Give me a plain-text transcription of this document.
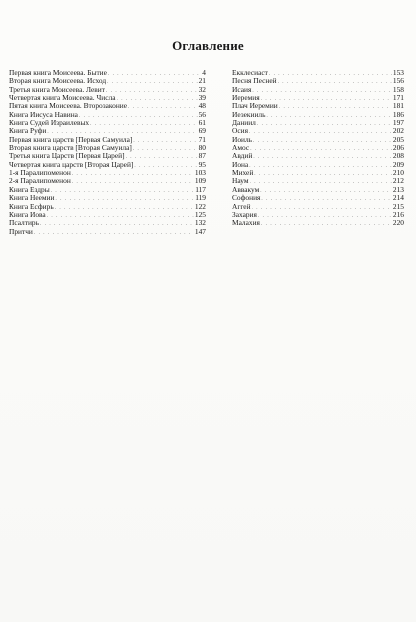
Оглавление
Первая книга Моисеева. Бытие . . .	4
Вторая книга Моисеева. Исход . . .	21
Третья книга Моисеева. Левит . . .	32
Четвертая книга Моисеева. Числа . . .	39
Пятая книга Моисеева. Второзаконие . . .	48
Книга Иисуса Навина . . .	56
Книга Судей Израилевых . . .	61
Книга Руфи . . .	69
Первая книга царств [Первая Самуила] . . .	71
Вторая книга царств [Вторая Самуила] . . .	80
Третья книга Царств [Первая Царей] . . .	87
Четвертая книга царств [Вторая Царей] . . .	95
1-я Паралипоменон . . .	103
2-я Паралипоменон . . .	109
Книга Ездры . . .	117
Книга Неемии . . .	119
Книга Есфирь . . .	122
Книга Иова . . .	125
Псалтирь . . .	132
Притчи . . .	147
Екклесиаст . . .	153
Песня Песней . . .	156
Исаия . . .	158
Иеремия . . .	171
Плач Иеремии . . .	181
Иезекииль . . .	186
Даниил . . .	197
Осия . . .	202
Иоиль . . .	205
Амос . . .	206
Авдий . . .	208
Иона . . .	209
Михей . . .	210
Наум . . .	212
Аввакум . . .	213
Софония . . .	214
Аггей . . .	215
Захария . . .	216
Малахия . . .	220
